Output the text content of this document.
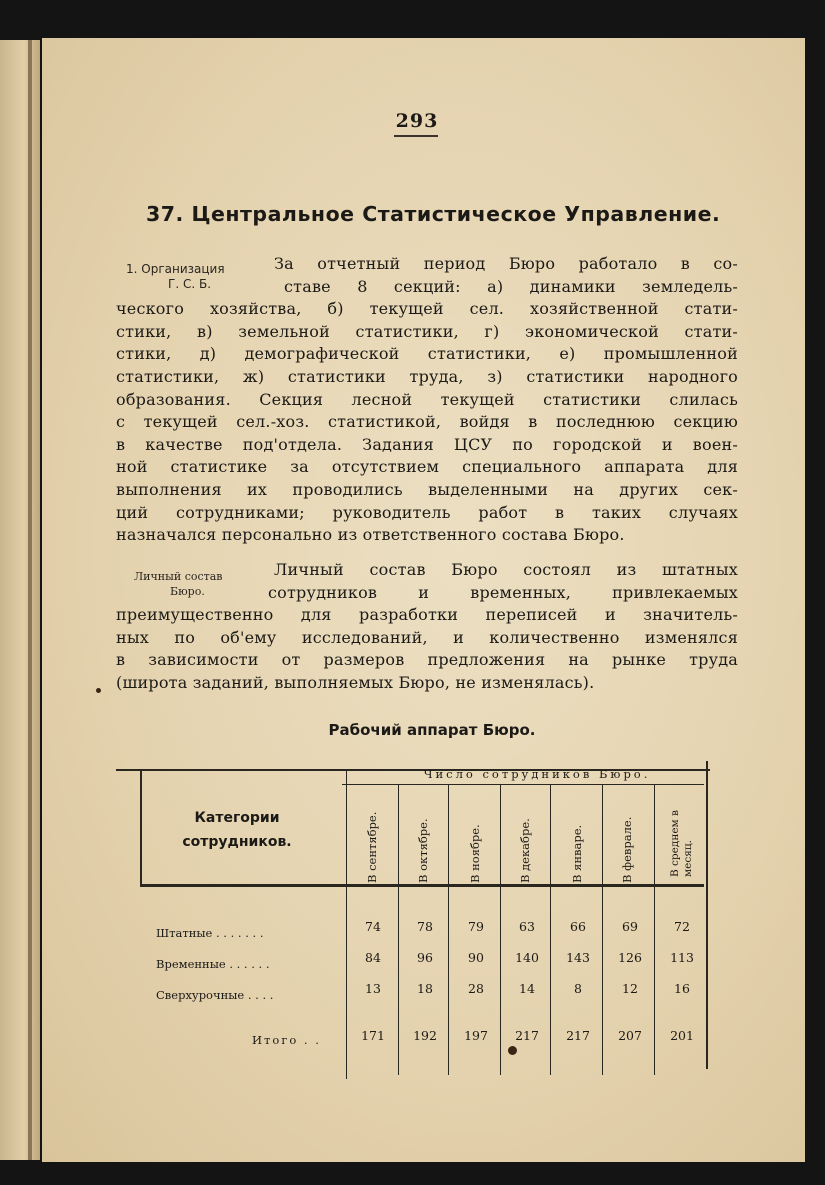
293
37. Центральное Статистическое Управление.
1. Организация
Г. С. Б.
За отчетный период Бюро работало в со-
ставе 8 секций: а) динамики земледель-
ческого хозяйства, б) текущей сел. хозяйственной стати-
стики, в) земельной статистики, г) экономической стати-
стики, д) демографической статистики, е) промышленной
статистики, ж) статистики труда, з) статистики народного
образования. Секция лесной текущей статистики слилась
с текущей сел.-хоз. статистикой, войдя в последнюю секцию
в качестве под'отдела. Задания ЦСУ по городской и воен-
ной статистике за отсутствием специального аппарата для
выполнения их проводились выделенными на других сек-
ций сотрудниками; руководитель работ в таких случаях
назначался персонально из ответственного состава Бюро.
Личный состав
Бюро.
Личный состав Бюро состоял из штатных
сотрудников и временных, привлекаемых
преимущественно для разработки переписей и значитель-
ных по об'ему исследований, и количественно изменялся
в зависимости от размеров предложения на рынке труда
(широта заданий, выполняемых Бюро, не изменялась).
Рабочий аппарат Бюро.
Число сотрудников Бюро.
Категории сотрудников.	В сентябре.	В октябре.	В ноябре.	В декабре.	В январе.	В феврале.	В среднем в месяц.
Штатные . . . . . . .	74	78	79	63	66	69	72
Временные . . . . . .	84	96	90	140	143	126	113
Сверхурочные . . . .	13	18	28	14	8	12	16
Итого . .	171	192	197	217	217	207	201
